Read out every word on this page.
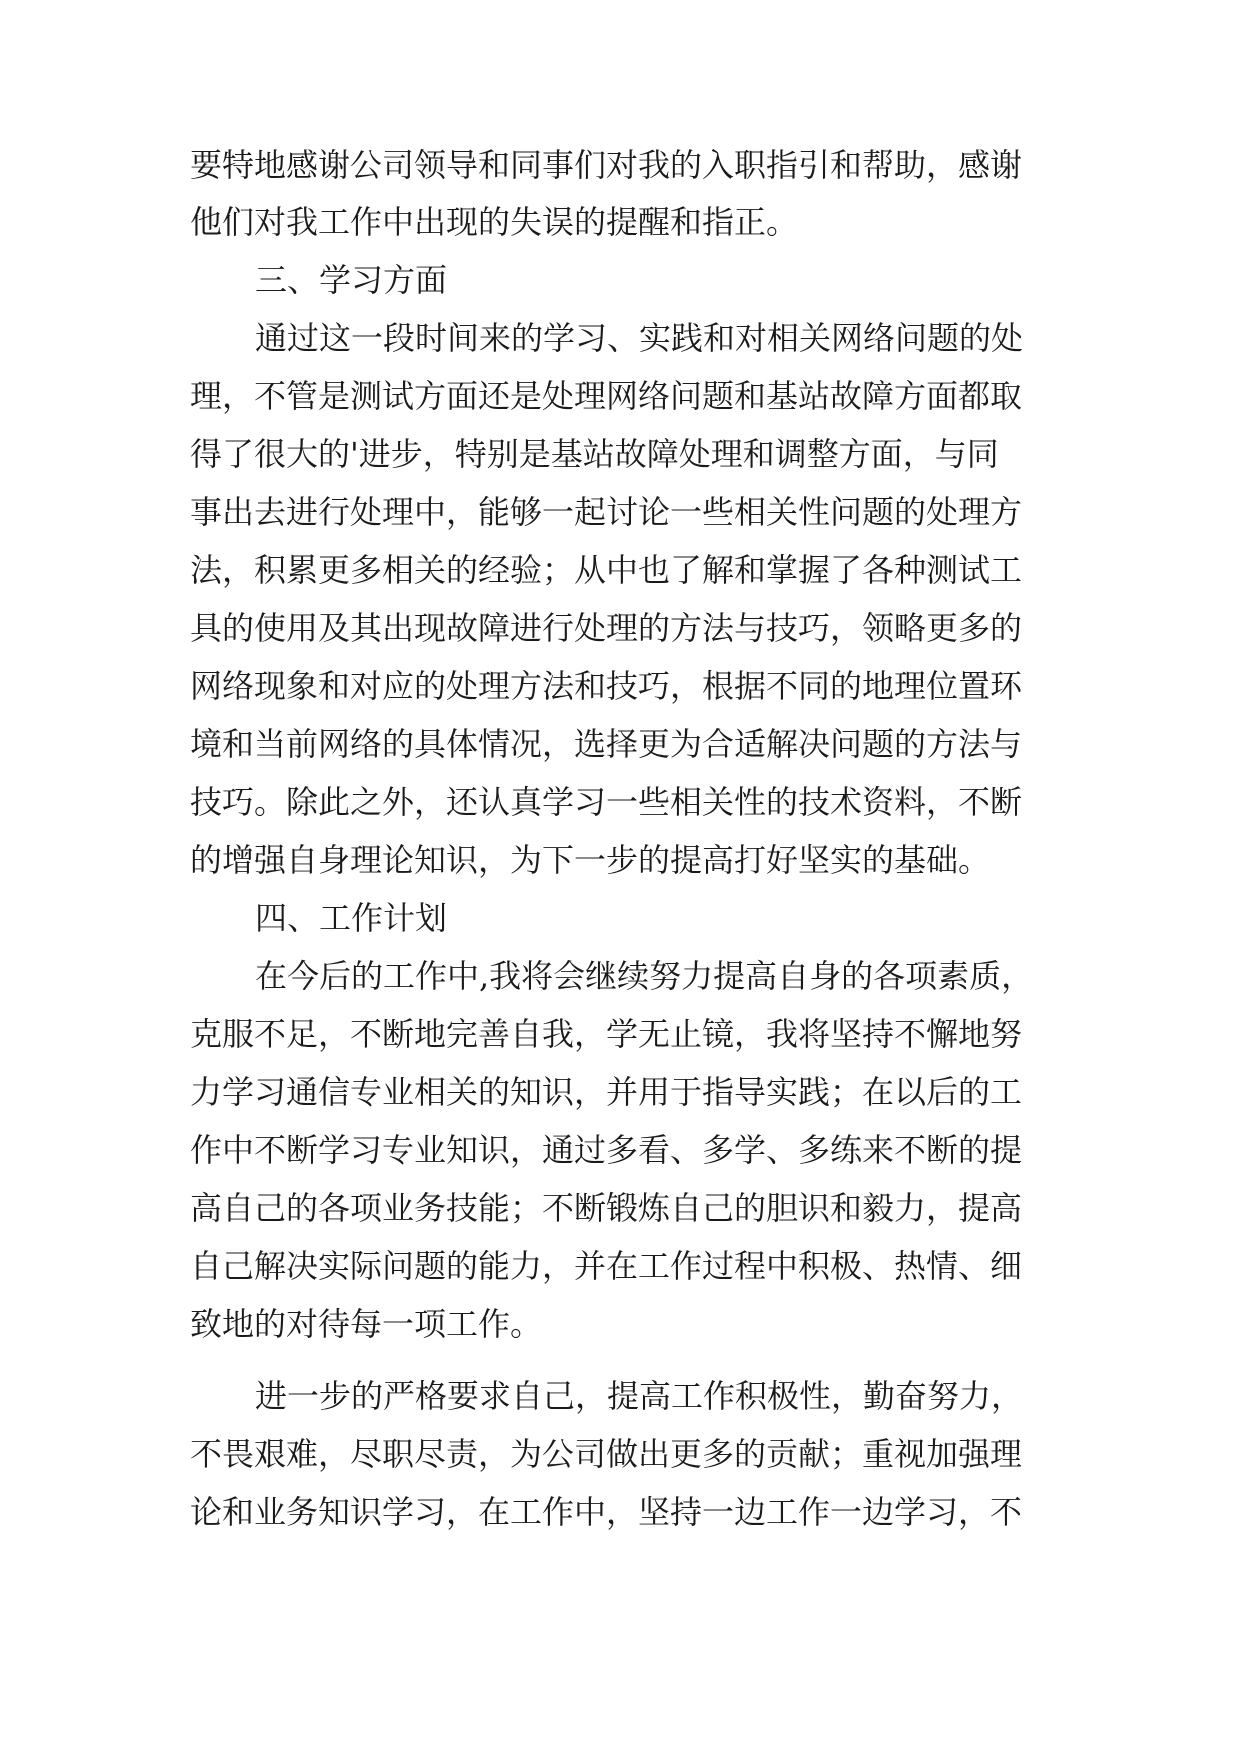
要特地感谢公司领导和同事们对我的入职指引和帮助，感谢
他们对我工作中出现的失误的提醒和指正。
三、学习方面
通过这一段时间来的学习、实践和对相关网络问题的处
理，不管是测试方面还是处理网络问题和基站故障方面都取
得了很大的'进步，特别是基站故障处理和调整方面，与同
事出去进行处理中，能够一起讨论一些相关性问题的处理方
法，积累更多相关的经验；从中也了解和掌握了各种测试工
具的使用及其出现故障进行处理的方法与技巧，领略更多的
网络现象和对应的处理方法和技巧，根据不同的地理位置环
境和当前网络的具体情况，选择更为合适解决问题的方法与
技巧。除此之外，还认真学习一些相关性的技术资料，不断
的增强自身理论知识，为下一步的提高打好坚实的基础。
四、工作计划
在今后的工作中,我将会继续努力提高自身的各项素质，
克服不足，不断地完善自我，学无止镜，我将坚持不懈地努
力学习通信专业相关的知识，并用于指导实践；在以后的工
作中不断学习专业知识，通过多看、多学、多练来不断的提
高自己的各项业务技能；不断锻炼自己的胆识和毅力，提高
自己解决实际问题的能力，并在工作过程中积极、热情、细
致地的对待每一项工作。
进一步的严格要求自己，提高工作积极性，勤奋努力，
不畏艰难，尽职尽责，为公司做出更多的贡献；重视加强理
论和业务知识学习，在工作中，坚持一边工作一边学习，不
